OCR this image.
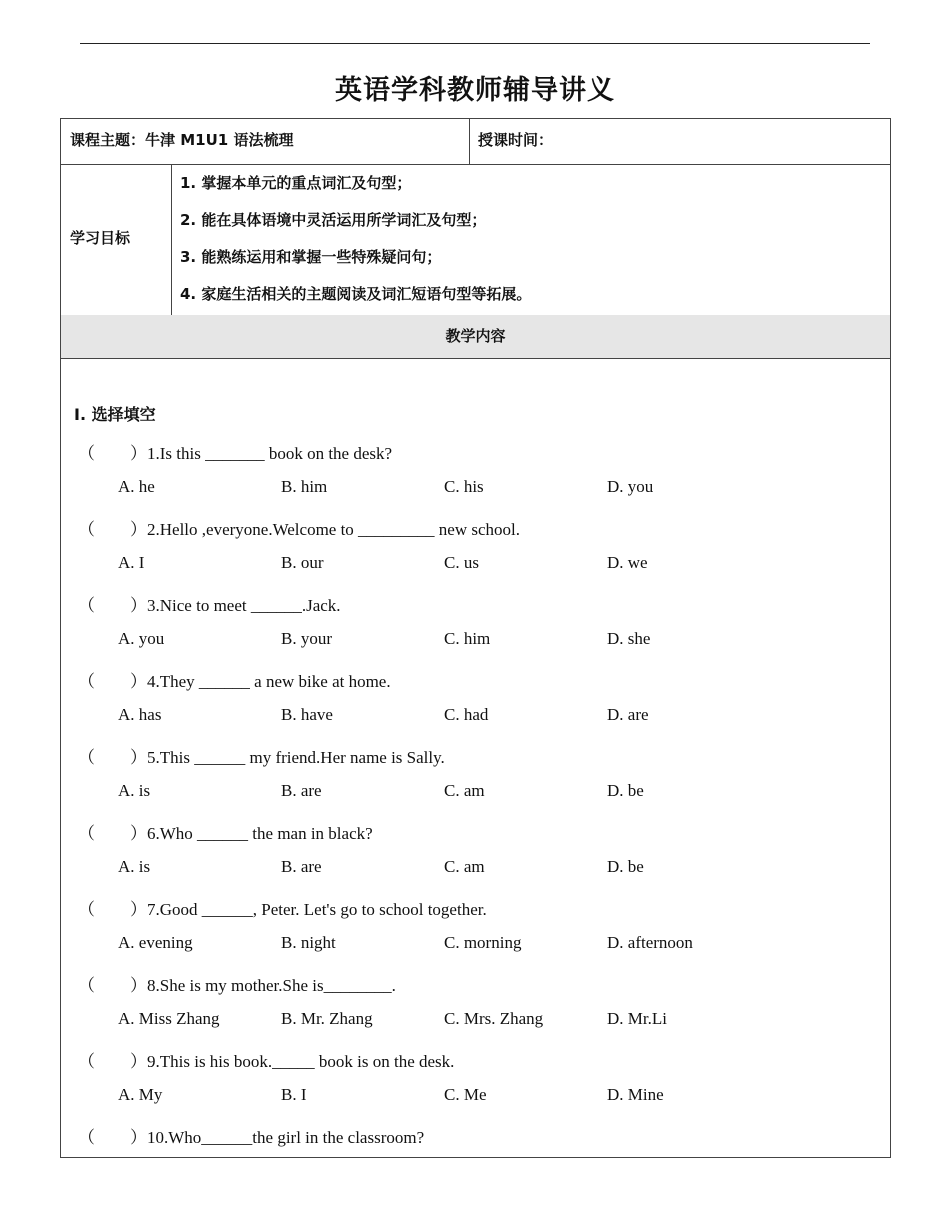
英语学科教师辅导讲义
课程主题：牛津 M1U1 语法梳理	授课时间：
学习目标
1. 掌握本单元的重点词汇及句型；
2. 能在具体语境中灵活运用所学词汇及句型；
3. 能熟练运用和掌握一些特殊疑问句；
4. 家庭生活相关的主题阅读及词汇短语句型等拓展。
教学内容
Ⅰ. 选择填空
（ ）1.Is this _______ book on the desk?
A. he	B. him	C. his	D. you
（ ）2.Hello ,everyone.Welcome to _________ new school.
A. I	B. our	C. us	D. we
（ ）3.Nice to meet ______.Jack.
A. you	B. your	C. him	D. she
（ ）4.They ______ a new bike at home.
A. has	B. have	C. had	D. are
（ ）5.This ______ my friend.Her name is Sally.
A. is	B. are	C. am	D. be
（ ）6.Who ______ the man in black?
A. is	B. are	C. am	D. be
（ ）7.Good ______, Peter. Let's go to school together.
A. evening	B. night	C. morning	D. afternoon
（ ）8.She is my mother.She is________.
A. Miss Zhang	B. Mr. Zhang	C. Mrs. Zhang	D. Mr.Li
（ ）9.This is his book._____ book is on the desk.
A. My	B. I	C. Me	D. Mine
（ ）10.Who______the girl in the classroom?
